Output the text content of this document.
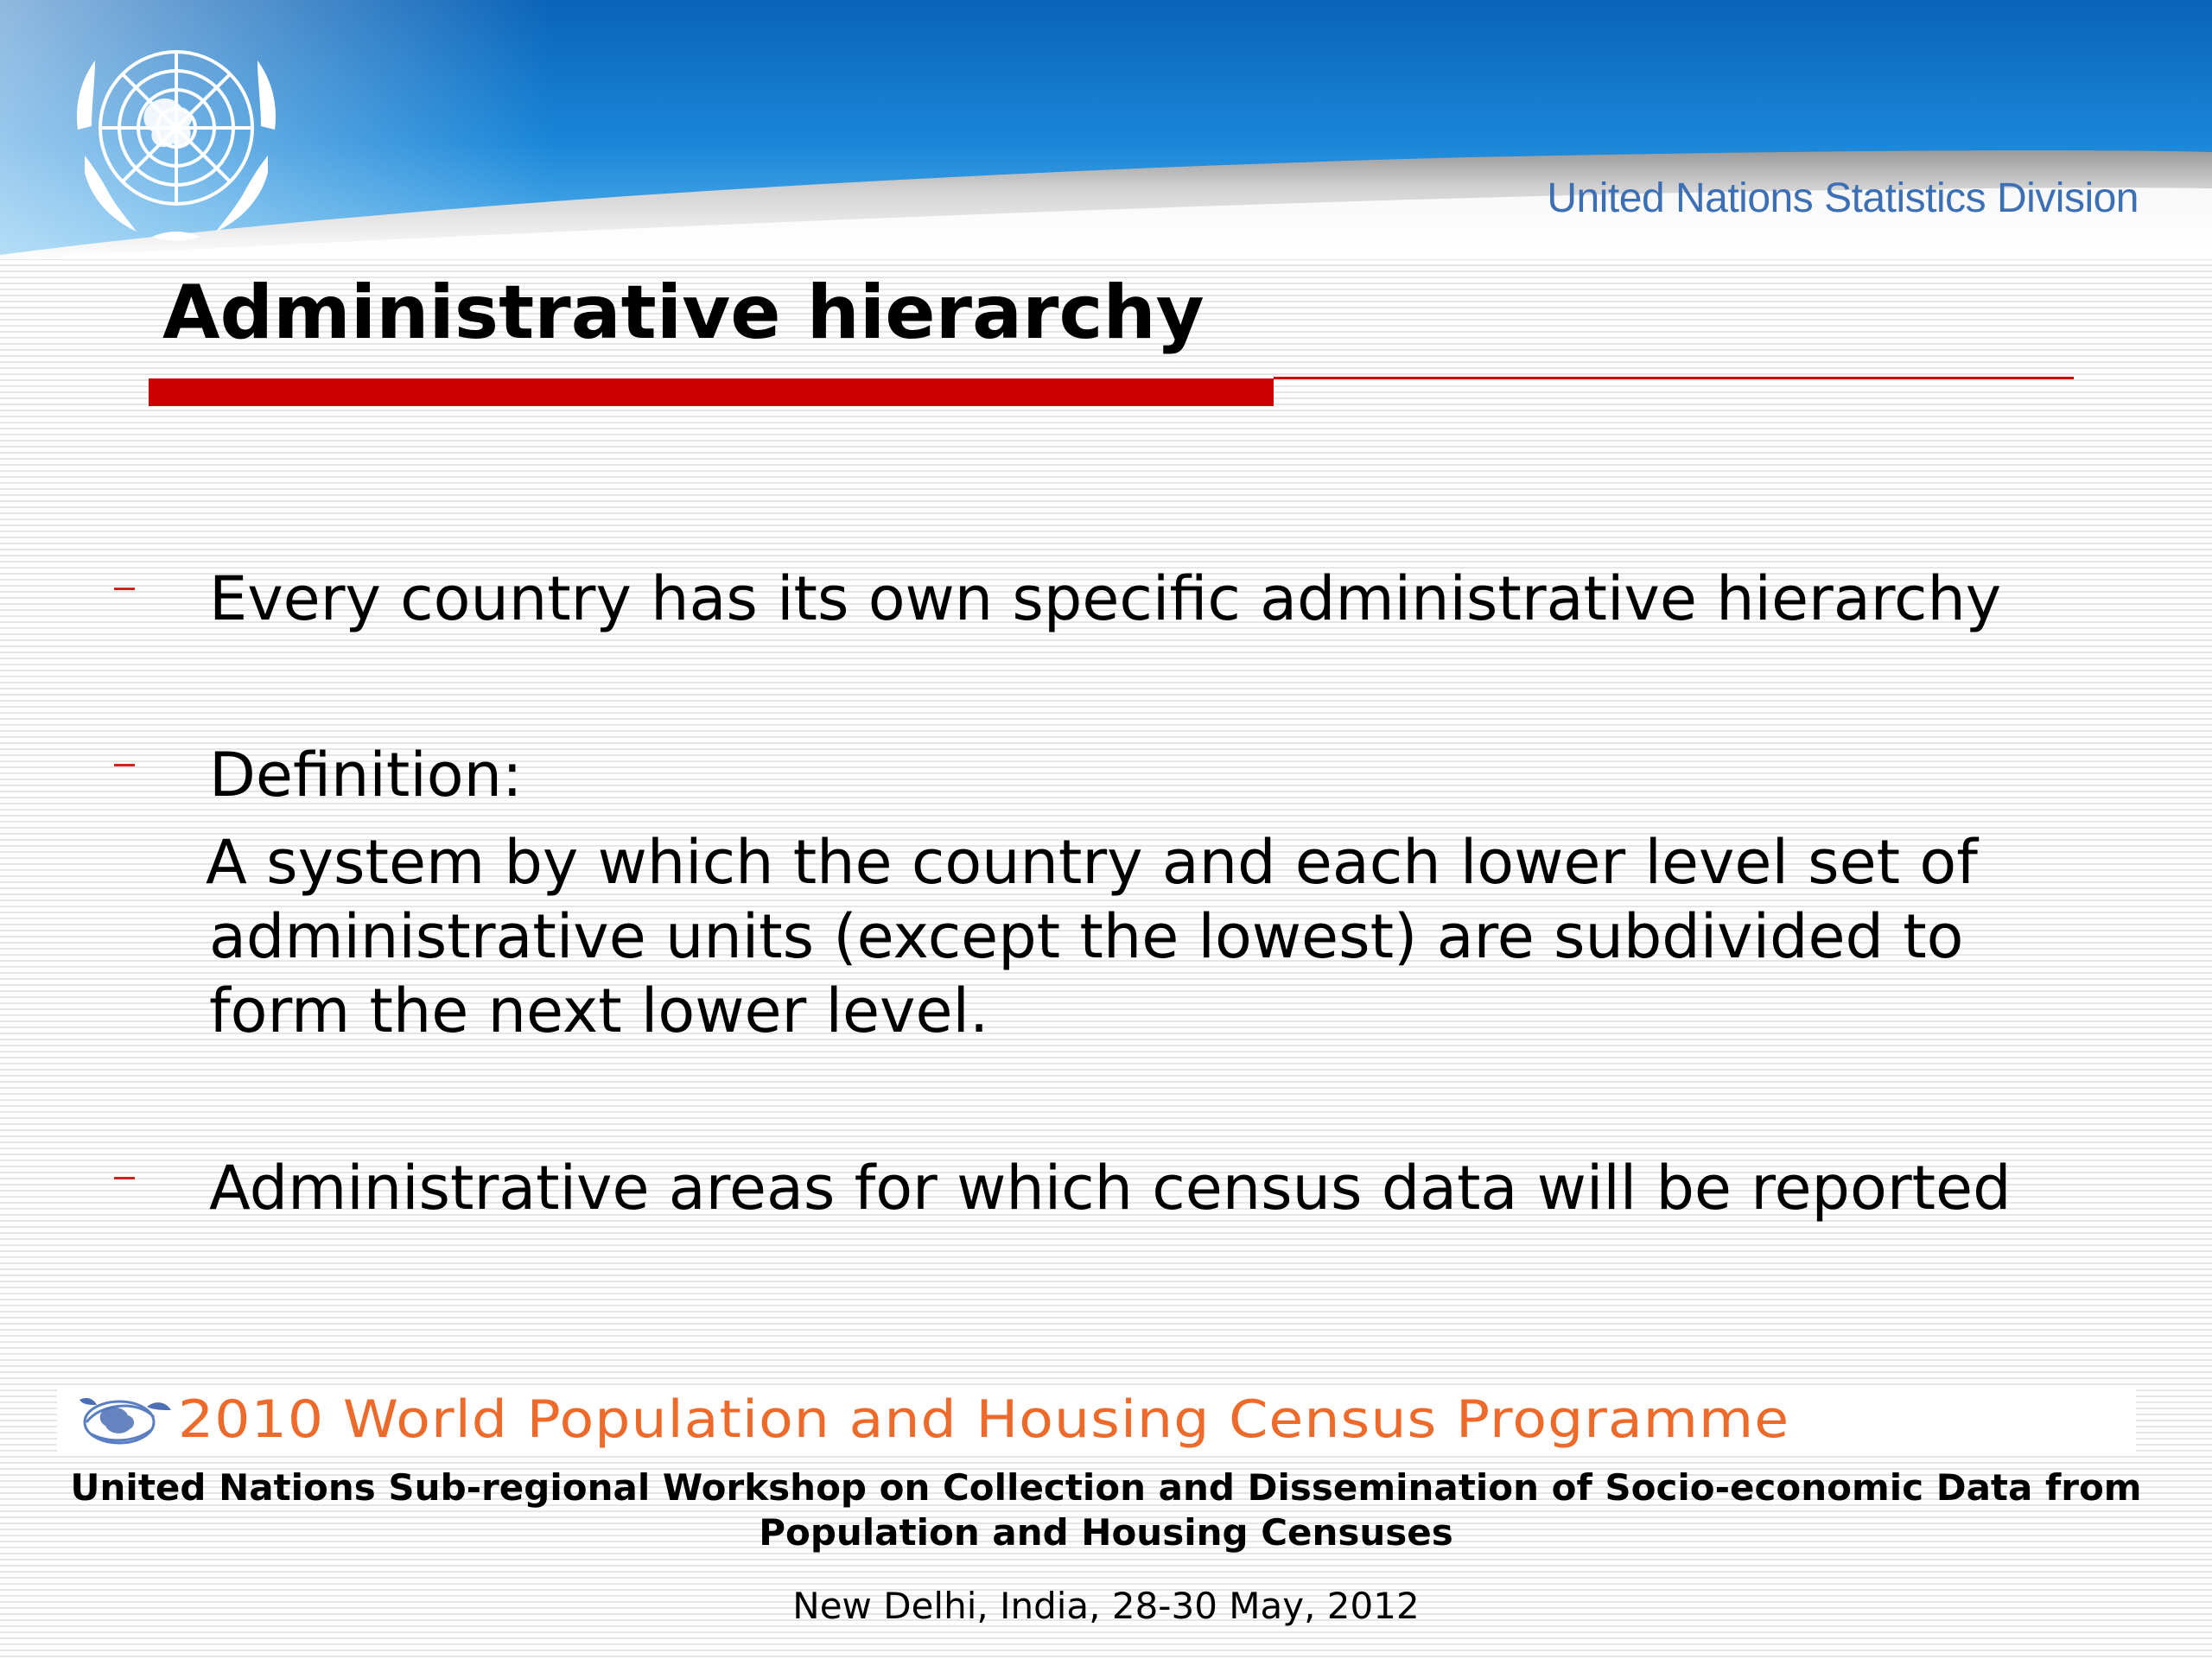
United Nations Statistics Division
Administrative hierarchy

Every country has its own specific administrative hierarchy

Definition:

A system by which the country and each lower level set of
administrative units (except the lowest) are subdivided to
form the next lower level.

Administrative areas for which census data will be reported

2010 World Population and Housing Census Programme

United Nations Sub-regional Workshop on Collection and Dissemination of Socio-economic Data from
Population and Housing Censuses

New Delhi, India, 28-30 May, 2012
